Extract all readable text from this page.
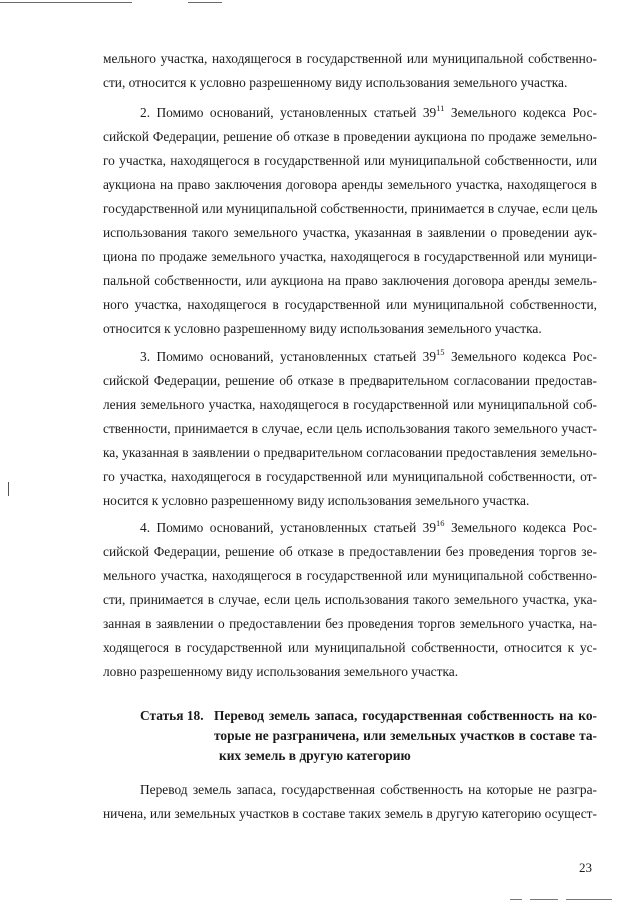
мельного участка, находящегося в государственной или муниципальной собственно-
сти, относится к условно разрешенному виду использования земельного участка.
2. Помимо оснований, установленных статьей $39^{11}$ Земельного кодекса Рос-
сийской Федерации, решение об отказе в проведении аукциона по продаже земельно-
го участка, находящегося в государственной или муниципальной собственности, или
аукциона на право заключения договора аренды земельного участка, находящегося в
государственной или муниципальной собственности, принимается в случае, если цель
использования такого земельного участка, указанная в заявлении о проведении аук-
циона по продаже земельного участка, находящегося в государственной или муници-
пальной собственности, или аукциона на право заключения договора аренды земель-
ного участка, находящегося в государственной или муниципальной собственности,
относится к условно разрешенному виду использования земельного участка.
3. Помимо оснований, установленных статьей $39^{15}$ Земельного кодекса Рос-
сийской Федерации, решение об отказе в предварительном согласовании предостав-
ления земельного участка, находящегося в государственной или муниципальной соб-
ственности, принимается в случае, если цель использования такого земельного участ-
ка, указанная в заявлении о предварительном согласовании предоставления земельно-
го участка, находящегося в государственной или муниципальной собственности, от-
носится к условно разрешенному виду использования земельного участка.
4. Помимо оснований, установленных статьей $39^{16}$ Земельного кодекса Рос-
сийской Федерации, решение об отказе в предоставлении без проведения торгов зе-
мельного участка, находящегося в государственной или муниципальной собственно-
сти, принимается в случае, если цель использования такого земельного участка, ука-
занная в заявлении о предоставлении без проведения торгов земельного участка, на-
ходящегося в государственной или муниципальной собственности, относится к ус-
ловно разрешенному виду использования земельного участка.
Статья 18. Перевод земель запаса, государственная собственность на ко-
торые не разграничена, или земельных участков в составе та-
ких земель в другую категорию
Перевод земель запаса, государственная собственность на которые не разгра-
ничена, или земельных участков в составе таких земель в другую категорию осущест-
23
